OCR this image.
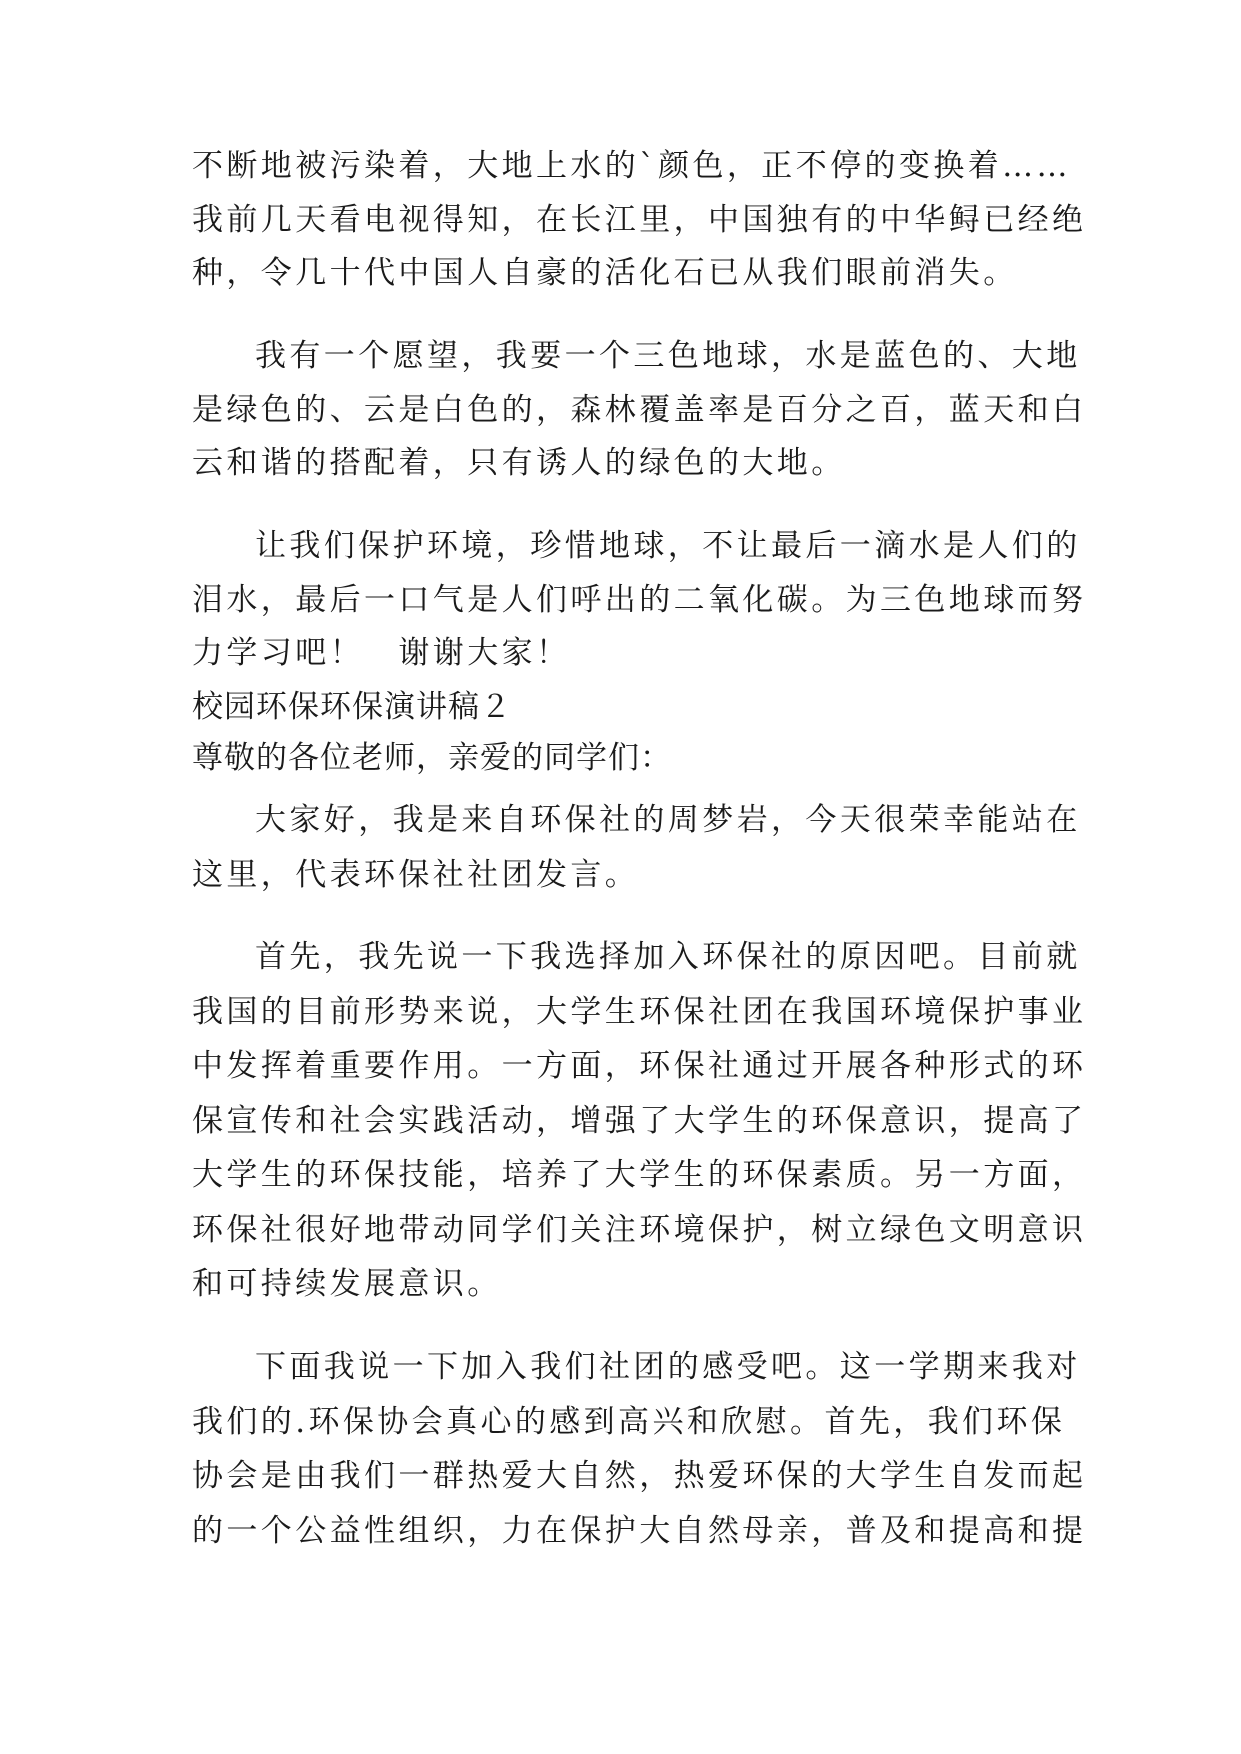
不断地被污染着，大地上水的`颜色，正不停的变换着……
我前几天看电视得知，在长江里，中国独有的中华鲟已经绝
种，令几十代中国人自豪的活化石已从我们眼前消失。
我有一个愿望，我要一个三色地球，水是蓝色的、大地
是绿色的、云是白色的，森林覆盖率是百分之百，蓝天和白
云和谐的搭配着，只有诱人的绿色的大地。
让我们保护环境，珍惜地球，不让最后一滴水是人们的
泪水，最后一口气是人们呼出的二氧化碳。为三色地球而努
力学习吧！　谢谢大家！
校园环保环保演讲稿２
尊敬的各位老师，亲爱的同学们：
大家好，我是来自环保社的周梦岩，今天很荣幸能站在
这里，代表环保社社团发言。
首先，我先说一下我选择加入环保社的原因吧。目前就
我国的目前形势来说，大学生环保社团在我国环境保护事业
中发挥着重要作用。一方面，环保社通过开展各种形式的环
保宣传和社会实践活动，增强了大学生的环保意识，提高了
大学生的环保技能，培养了大学生的环保素质。另一方面，
环保社很好地带动同学们关注环境保护，树立绿色文明意识
和可持续发展意识。
下面我说一下加入我们社团的感受吧。这一学期来我对
我们的.环保协会真心的感到高兴和欣慰。首先，我们环保
协会是由我们一群热爱大自然，热爱环保的大学生自发而起
的一个公益性组织，力在保护大自然母亲，普及和提高和提
